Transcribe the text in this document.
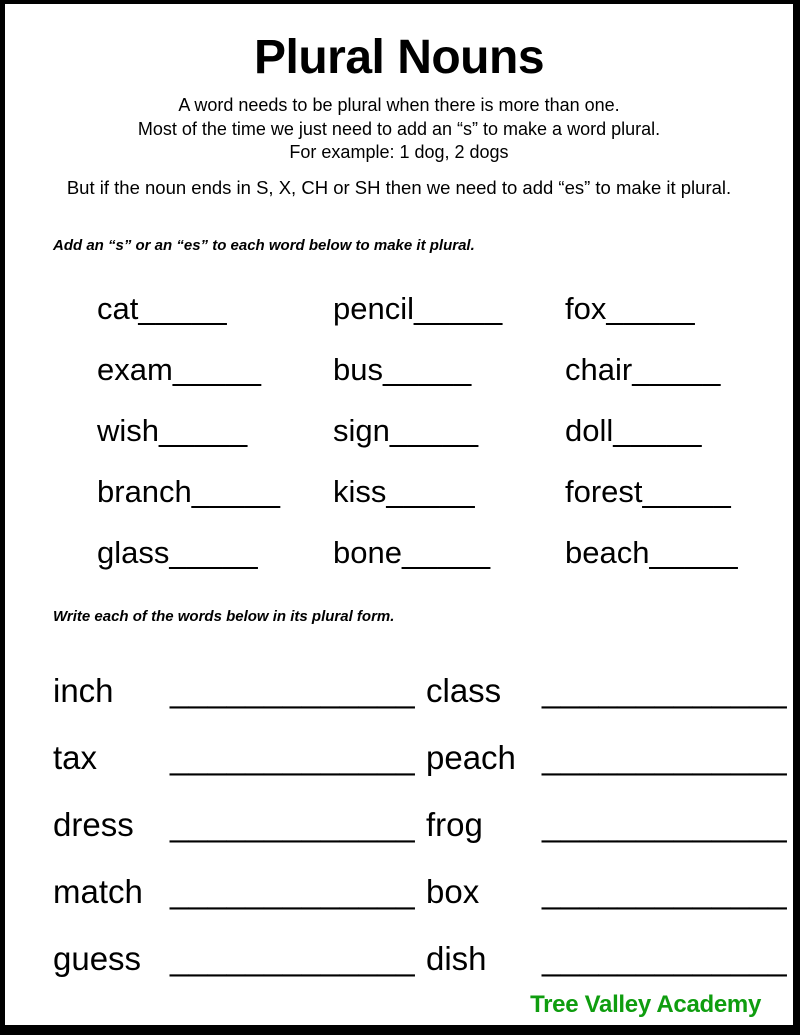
Plural Nouns
A word needs to be plural when there is more than one.
Most of the time we just need to add an “s” to make a word plural.
For example: 1 dog, 2 dogs
But if the noun ends in S, X, CH or SH then we need to add “es” to make it plural.
Add an “s” or an “es” to each word below to make it plural.
cat_____	pencil_____	fox_____
exam_____	bus_____	chair_____
wish_____	sign_____	doll_____
branch_____	kiss_____	forest_____
glass_____	bone_____	beach_____
Write each of the words below in its plural form.
inch	_____________ class	_____________
tax	_____________ peach _____________
dress	_____________ frog	_____________
match _____________ box	_____________
guess _____________ dish	_____________
Tree Valley Academy
